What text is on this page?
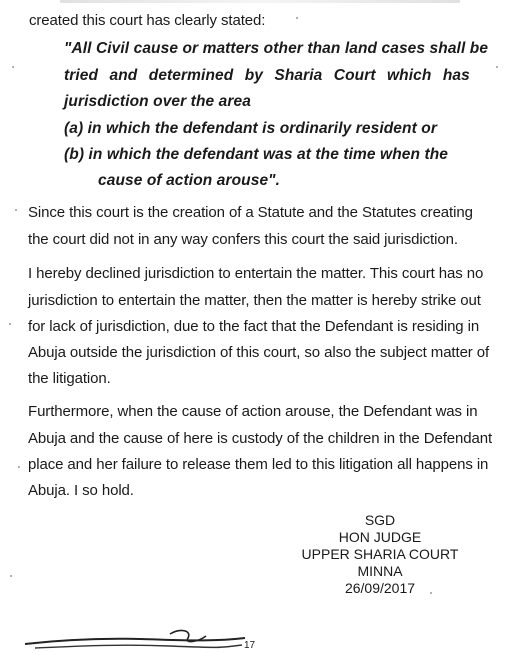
created this court has clearly stated:
"All Civil cause or matters other than land cases shall be
tried and determined by Sharia Court which has
jurisdiction over the area
(a) in which the defendant is ordinarily resident or
(b) in which the defendant was at the time when the
cause of action arouse".
Since this court is the creation of a Statute and the Statutes creating
the court did not in any way confers this court the said jurisdiction.
I hereby declined jurisdiction to entertain the matter. This court has no
jurisdiction to entertain the matter, then the matter is hereby strike out
for lack of jurisdiction, due to the fact that the Defendant is residing in
Abuja outside the jurisdiction of this court, so also the subject matter of
the litigation.
Furthermore, when the cause of action arouse, the Defendant was in
Abuja and the cause of here is custody of the children in the Defendant
place and her failure to release them led to this litigation all happens in
Abuja. I so hold.
SGD
HON JUDGE
UPPER SHARIA COURT
MINNA
26/09/2017
17
